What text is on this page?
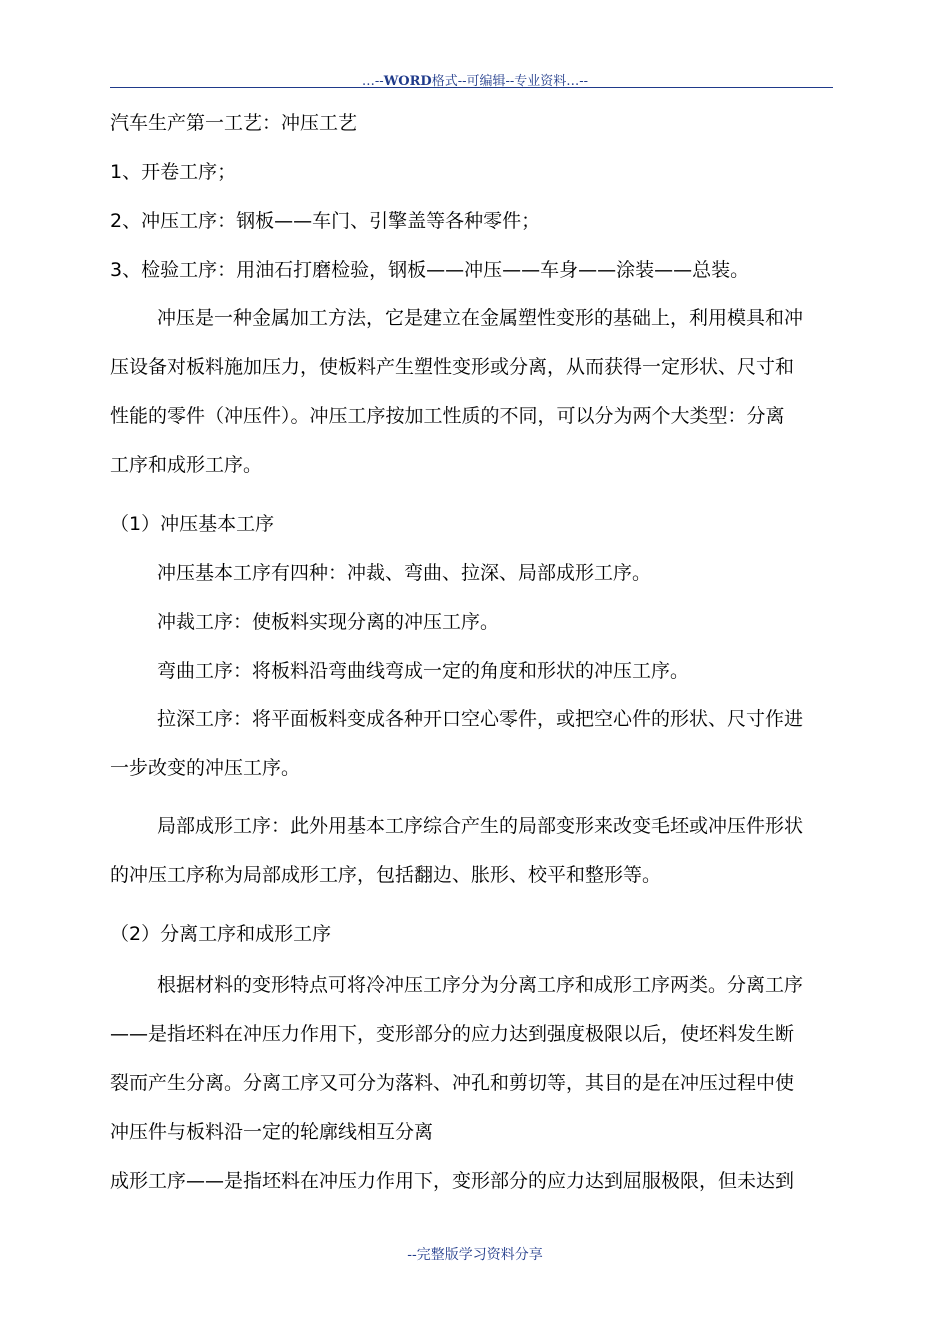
…--WORD格式--可编辑--专业资料…--

汽车生产第一工艺：冲压工艺

1、开卷工序；

2、冲压工序：钢板——车门、引擎盖等各种零件；

3、检验工序：用油石打磨检验，钢板——冲压——车身——涂装——总装。

冲压是一种金属加工方法，它是建立在金属塑性变形的基础上，利用模具和冲
压设备对板料施加压力，使板料产生塑性变形或分离，从而获得一定形状、尺寸和
性能的零件（冲压件）。冲压工序按加工性质的不同，可以分为两个大类型：分离
工序和成形工序。

（1）冲压基本工序

冲压基本工序有四种：冲裁、弯曲、拉深、局部成形工序。

冲裁工序：使板料实现分离的冲压工序。

弯曲工序：将板料沿弯曲线弯成一定的角度和形状的冲压工序。

拉深工序：将平面板料变成各种开口空心零件，或把空心件的形状、尺寸作进
一步改变的冲压工序。
局部成形工序：此外用基本工序综合产生的局部变形来改变毛坯或冲压件形状
的冲压工序称为局部成形工序，包括翻边、胀形、校平和整形等。

（2）分离工序和成形工序

根据材料的变形特点可将冷冲压工序分为分离工序和成形工序两类。分离工序
——是指坯料在冲压力作用下，变形部分的应力达到强度极限以后，使坯料发生断
裂而产生分离。分离工序又可分为落料、冲孔和剪切等，其目的是在冲压过程中使
冲压件与板料沿一定的轮廓线相互分离
成形工序——是指坯料在冲压力作用下，变形部分的应力达到屈服极限，但未达到
--完整版学习资料分享
